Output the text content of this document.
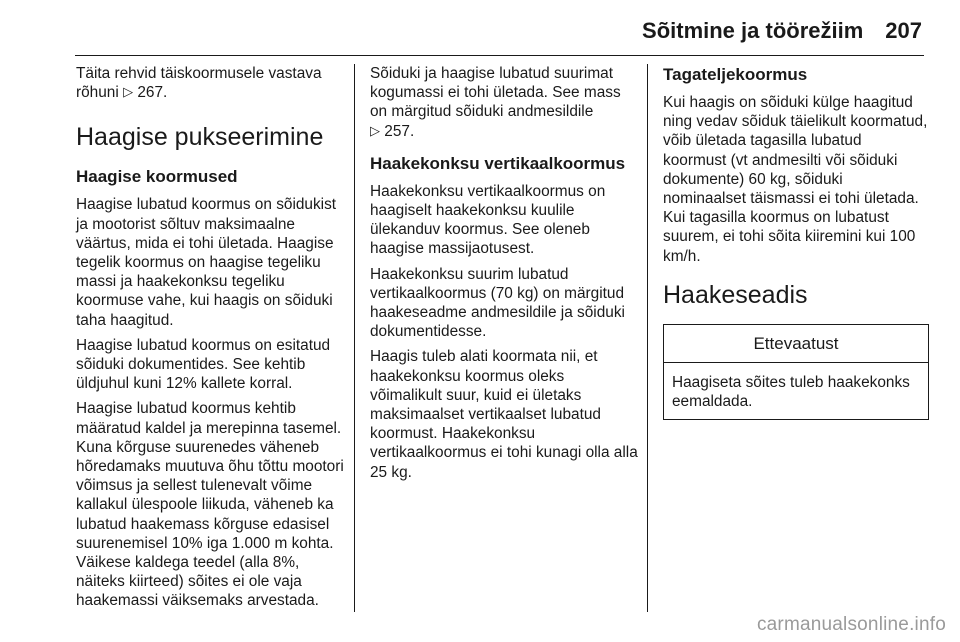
Sõitmine ja töörežiim 207

Täita rehvid täiskoormusele vastava rõhuni ▷ 267.

Haagise pukseerimine
Haagise koormused

Haagise lubatud koormus on sõidukist ja mootorist sõltuv maksimaalne väärtus, mida ei tohi ületada. Haagise tegelik koormus on haagise tegeliku massi ja haakekonksu tegeliku koormuse vahe, kui haagis on sõiduki taha haagitud.

Haagise lubatud koormus on esitatud sõiduki dokumentides. See kehtib üldjuhul kuni 12% kallete korral.

Haagise lubatud koormus kehtib määratud kaldel ja merepinna tasemel. Kuna kõrguse suurenedes väheneb hõredamaks muutuva õhu tõttu mootori võimsus ja sellest tulenevalt võime kallakul ülespoole liikuda, väheneb ka lubatud haakemass kõrguse edasisel suurenemisel 10% iga 1.000 m kohta. Väikese kaldega teedel (alla 8%, näiteks kiirteed) sõites ei ole vaja haakemassi väiksemaks arvestada.

Sõiduki ja haagise lubatud suurimat kogumassi ei tohi ületada. See mass on märgitud sõiduki andmesildile
▷ 257.

Haakekonksu vertikaalkoormus

Haakekonksu vertikaalkoormus on haagiselt haakekonksu kuulile ülekanduv koormus. See oleneb haagise massijaotusest.

Haakekonksu suurim lubatud vertikaalkoormus (70 kg) on märgitud haakeseadme andmesildile ja sõiduki dokumentidesse.

Haagis tuleb alati koormata nii, et haakekonksu koormus oleks võimalikult suur, kuid ei ületaks maksimaalset vertikaalset lubatud koormust. Haakekonksu vertikaalkoormus ei tohi kunagi olla alla 25 kg.

Tagateljekoormus

Kui haagis on sõiduki külge haagitud ning vedav sõiduk täielikult koormatud, võib ületada tagasilla lubatud koormust (vt andmesilti või sõiduki dokumente) 60 kg, sõiduki nominaalset täismassi ei tohi ületada. Kui tagasilla koormus on lubatust suurem, ei tohi sõita kiiremini kui 100 km/h.

Haakeseadis
Ettevaatust
Haagiseta sõites tuleb haakekonks eemaldada.
carmanualsonline.info
